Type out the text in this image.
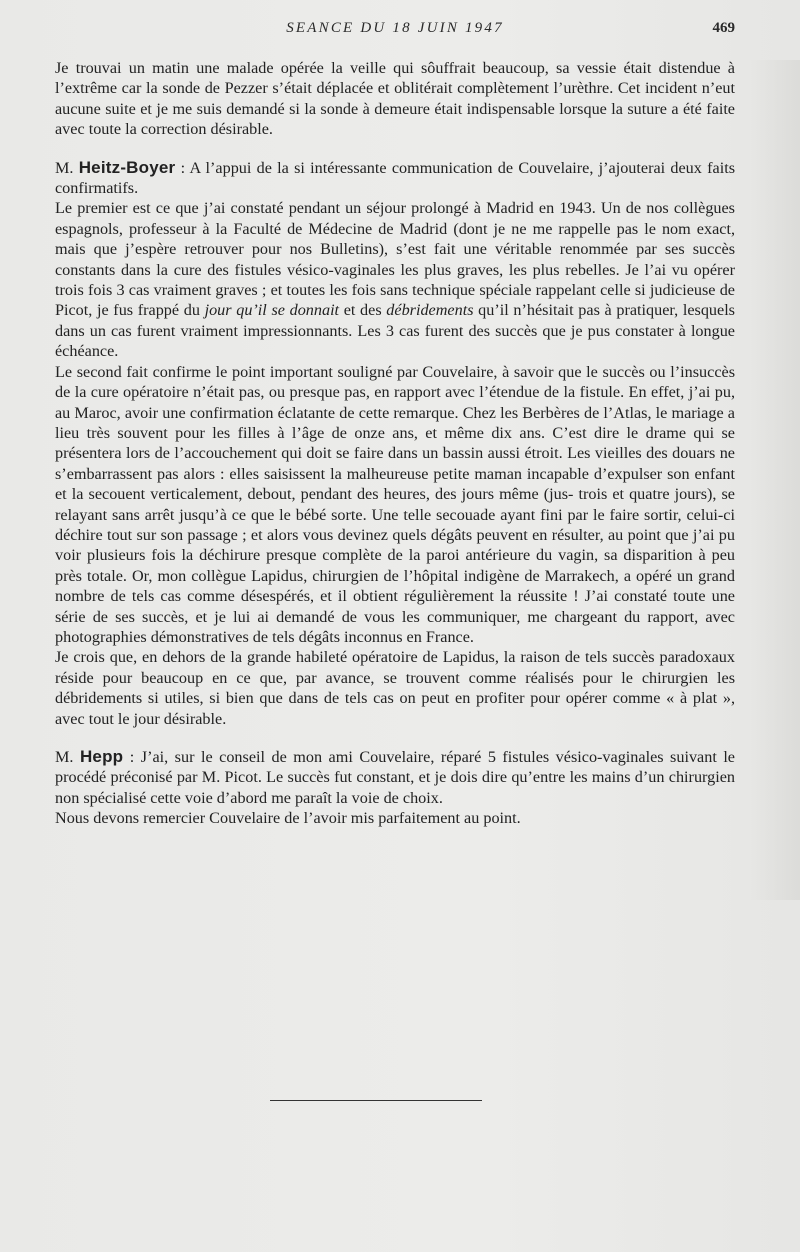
SEANCE DU 18 JUIN 1947	469

Je trouvai un matin une malade opérée la veille qui sôuffrait beaucoup, sa vessie était distendue à l’extrême car la sonde de Pezzer s’était déplacée et oblitérait complètement l’urèthre. Cet incident n’eut aucune suite et je me suis demandé si la sonde à demeure était indispensable lorsque la suture a été faite avec toute la correction désirable.

M. Heitz-Boyer : A l’appui de la si intéressante communication de Couvelaire, j’ajouterai deux faits confirmatifs.

Le premier est ce que j’ai constaté pendant un séjour prolongé à Madrid en 1943. Un de nos collègues espagnols, professeur à la Faculté de Médecine de Madrid (dont je ne me rappelle pas le nom exact, mais que j’espère retrouver pour nos Bulletins), s’est fait une véritable renommée par ses succès constants dans la cure des fistules vésico-vaginales les plus graves, les plus rebelles. Je l’ai vu opérer trois fois 3 cas vraiment graves ; et toutes les fois sans technique spéciale rappelant celle si judicieuse de Picot, je fus frappé du jour qu’il se donnait et des débridements qu’il n’hésitait pas à pratiquer, lesquels dans un cas furent vraiment impressionnants. Les 3 cas furent des succès que je pus constater à longue échéance.

Le second fait confirme le point important souligné par Couvelaire, à savoir que le succès ou l’insuccès de la cure opératoire n’était pas, ou presque pas, en rapport avec l’étendue de la fistule. En effet, j’ai pu, au Maroc, avoir une confirmation éclatante de cette remarque. Chez les Berbères de l’Atlas, le mariage a lieu très souvent pour les filles à l’âge de onze ans, et même dix ans. C’est dire le drame qui se présentera lors de l’accouchement qui doit se faire dans un bassin aussi étroit. Les vieilles des douars ne s’embarrassent pas alors : elles saisissent la malheureuse petite maman incapable d’expulser son enfant et la secouent verticalement, debout, pendant des heures, des jours même (jus- trois et quatre jours), se relayant sans arrêt jusqu’à ce que le bébé sorte. Une telle secouade ayant fini par le faire sortir, celui-ci déchire tout sur son passage ; et alors vous devinez quels dégâts peuvent en résulter, au point que j’ai pu voir plusieurs fois la déchirure presque complète de la paroi antérieure du vagin, sa disparition à peu près totale. Or, mon collègue Lapidus, chirurgien de l’hôpital indigène de Marrakech, a opéré un grand nombre de tels cas comme désespérés, et il obtient régulièrement la réussite ! J’ai constaté toute une série de ses succès, et je lui ai demandé de vous les communiquer, me chargeant du rapport, avec photographies démonstratives de tels dégâts inconnus en France.

Je crois que, en dehors de la grande habileté opératoire de Lapidus, la raison de tels succès paradoxaux réside pour beaucoup en ce que, par avance, se trouvent comme réalisés pour le chirurgien les débridements si utiles, si bien que dans de tels cas on peut en profiter pour opérer comme « à plat », avec tout le jour désirable.

M. Hepp : J’ai, sur le conseil de mon ami Couvelaire, réparé 5 fistules vésico-vaginales suivant le procédé préconisé par M. Picot. Le succès fut constant, et je dois dire qu’entre les mains d’un chirurgien non spécialisé cette voie d’abord me paraît la voie de choix.

Nous devons remercier Couvelaire de l’avoir mis parfaitement au point.
